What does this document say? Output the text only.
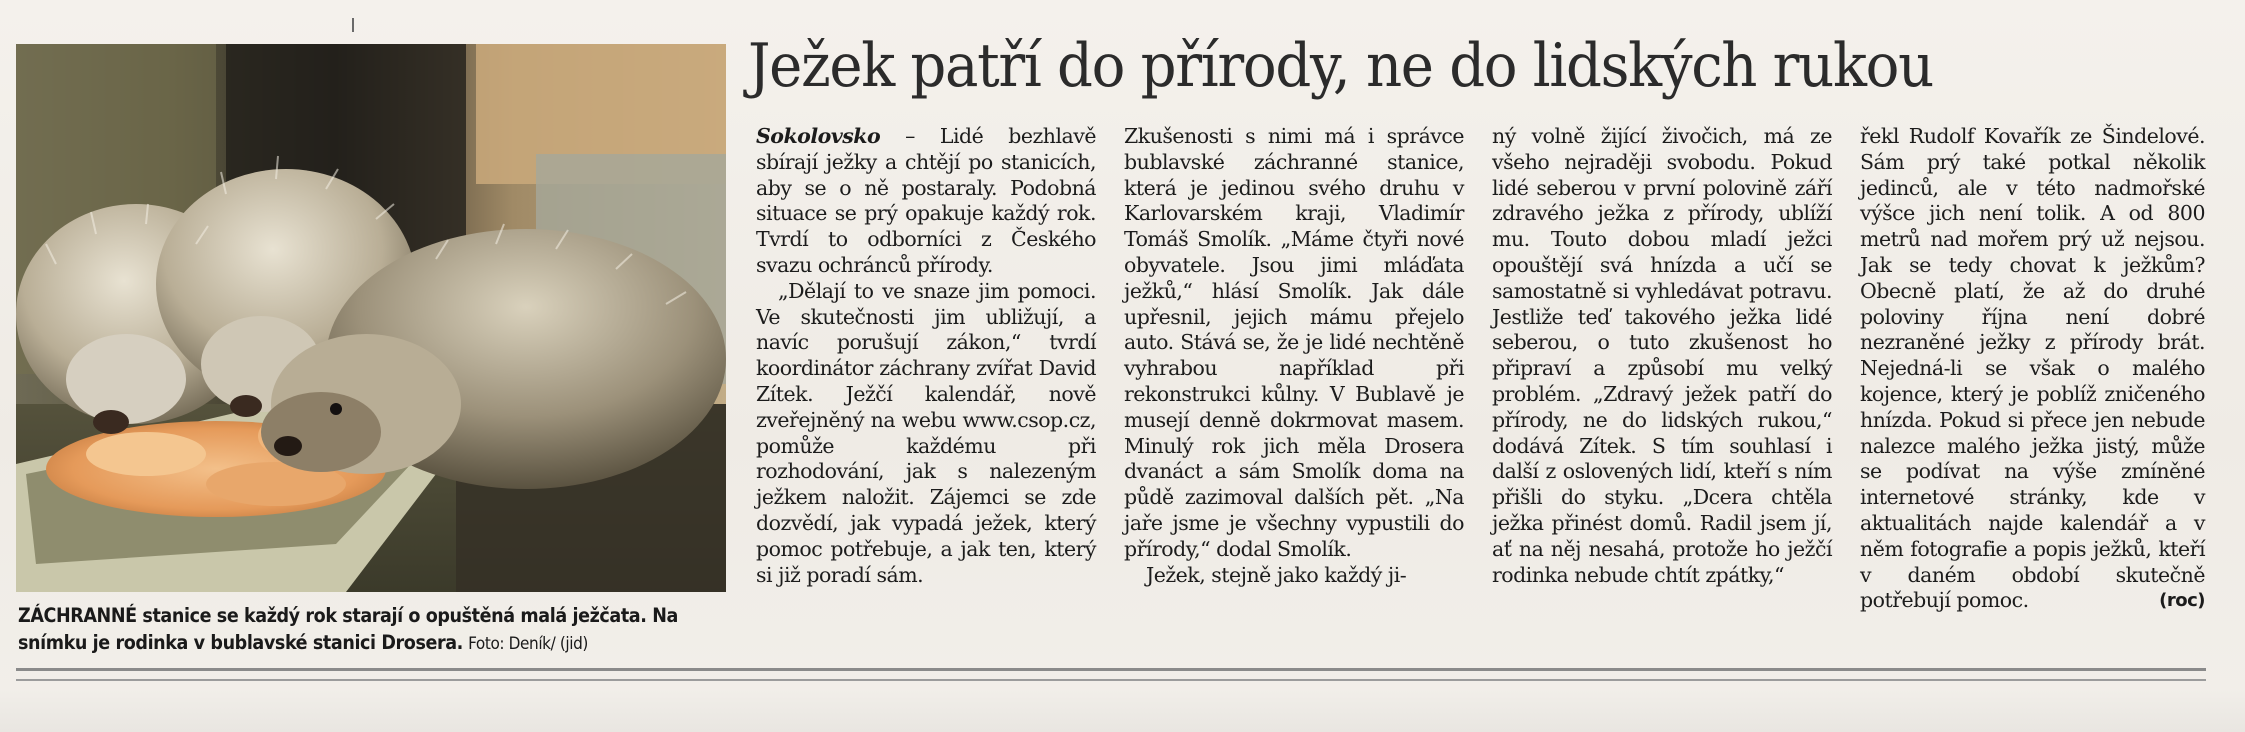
ZÁCHRANNÉ stanice se každý rok starají o opuštěná malá ježčata. Na snímku je rodinka v bublavské stanici Drosera. Foto: Deník/ (jid)
Ježek patří do přírody, ne do lidských rukou

Sokolovsko – Lidé bezhlavě sbírají ježky a chtějí po stanicích, aby se o ně postaraly. Podobná situace se prý opakuje každý rok. Tvrdí to odborníci z Českého svazu ochránců přírody.

„Dělají to ve snaze jim pomoci. Ve skutečnosti jim ubližují, a navíc porušují zákon,“ tvrdí koordinátor záchrany zvířat David Zítek. Ježčí kalendář, nově zveřejněný na webu www.csop.cz, pomůže každému při rozhodování, jak s nalezeným ježkem naložit. Zájemci se zde dozvědí, jak vypadá ježek, který pomoc potřebuje, a jak ten, který si již poradí sám.

Zkušenosti s nimi má i správce bublavské záchranné stanice, která je jedinou svého druhu v Karlovarském kraji, Vladimír Tomáš Smolík. „Máme čtyři nové obyvatele. Jsou jimi mláďata ježků,“ hlásí Smolík. Jak dále upřesnil, jejich mámu přejelo auto. Stává se, že je lidé nechtěně vyhrabou například při rekonstrukci kůlny. V Bublavě je musejí denně dokrmovat masem. Minulý rok jich měla Drosera dvanáct a sám Smolík doma na půdě zazimoval dalších pět. „Na jaře jsme je všechny vypustili do přírody,“ dodal Smolík.

Ježek, stejně jako každý ji-

ný volně žijící živočich, má ze všeho nejraději svobodu. Pokud lidé seberou v první polovině září zdravého ježka z přírody, ublíží mu. Touto dobou mladí ježci opouštějí svá hnízda a učí se samostatně si vyhledávat potravu. Jestliže teď takového ježka lidé seberou, o tuto zkušenost ho připraví a způsobí mu velký problém. „Zdravý ježek patří do přírody, ne do lidských rukou,“ dodává Zítek. S tím souhlasí i další z oslovených lidí, kteří s ním přišli do styku. „Dcera chtěla ježka přinést domů. Radil jsem jí, ať na něj nesahá, protože ho ježčí rodinka nebude chtít zpátky,“

řekl Rudolf Kovařík ze Šindelové. Sám prý také potkal několik jedinců, ale v této nadmořské výšce jich není tolik. A od 800 metrů nad mořem prý už nejsou. Jak se tedy chovat k ježkům? Obecně platí, že až do druhé poloviny října není dobré nezraněné ježky z přírody brát. Nejedná-li se však o malého kojence, který je poblíž zničeného hnízda. Pokud si přece jen nebude nalezce malého ježka jistý, může se podívat na výše zmíněné internetové stránky, kde v aktualitách najde kalendář a v něm fotografie a popis ježků, kteří v daném období skutečně potřebují pomoc.	(roc)
